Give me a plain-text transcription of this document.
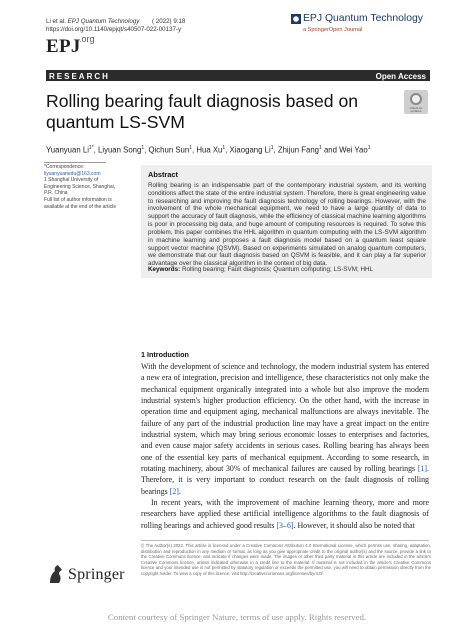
Li et al. EPJ Quantum Technology
https://doi.org/10.1140/epjqt/s40507-022-00137-y
( 2022) 9:18
EPJ
.org
EPJ Quantum Technology
a SpringerOpen Journal
RESEARCH	Open Access
Rolling bearing fault diagnosis based on quantum LS-SVM
Check for updates
Yuanyuan $Li^{1*}$, Liyuan Song$^1$, Qichun Sun$^1$, Hua Xu$^1$, Xiaogang Li$^1$, Zhijun Fang$^1$ and Wei Yao$^1$
*Correspondence:
liyuanyuanedu@163.com
1 Shanghai University of Engineering Science, Shanghai, P.R. China
Full list of author information is available at the end of the article
Abstract
Rolling bearing is an indispensable part of the contemporary industrial system, and its working conditions affect the state of the entire industrial system. Therefore, there is great engineering value to researching and improving the fault diagnosis technology of rolling bearings. However, with the involvement of the whole mechanical equipment, we need to have a large quantity of data to support the accuracy of fault diagnosis, while the efficiency of classical machine learning algorithms is poor in processing big data, and huge amount of computing resources is required. To solve this problem, this paper combines the HHL algorithm in quantum computing with the LS-SVM algorithm in machine learning and proposes a fault diagnosis model based on a quantum least square support vector machine (QSVM). Based on experiments simulated on analog quantum computers, we demonstrate that our fault diagnosis based on QSVM is feasible, and it can play a far superior advantage over the classical algorithm in the context of big data.
Keywords: Rolling bearing; Fault diagnosis; Quantum computing; LS-SVM; HHL
1 Introduction

With the development of science and technology, the modern industrial system has entered a new era of integration, precision and intelligence, these characteristics not only make the mechanical equipment organically integrated into a whole but also improve the modern industrial system's higher production efficiency. On the other hand, with the increase in operation time and equipment aging, mechanical malfunctions are always inevitable. The failure of any part of the industrial production line may have a great impact on the entire industrial system, which may bring serious economic losses to enterprises and factories, and even cause major safety accidents in serious cases. Rolling bearing has always been one of the essential key parts of mechanical equipment. According to some research, in rotating machinery, about 30% of mechanical failures are caused by rolling bearings [1]. Therefore, it is very important to conduct research on the fault diagnosis of rolling bearings [2].

In recent years, with the improvement of machine learning theory, more and more researchers have applied these artificial intelligence algorithms to the fault diagnosis of rolling bearings and achieved good results [3–6]. However, it should also be noted that

© The Author(s) 2022. This article is licensed under a Creative Commons Attribution 4.0 International License, which permits use, sharing, adaptation, distribution and reproduction in any medium or format, as long as you give appropriate credit to the original author(s) and the source, provide a link to the Creative Commons licence, and indicate if changes were made. The images or other third party material in this article are included in the article's Creative Commons licence, unless indicated otherwise in a credit line to the material. If material is not included in the article's Creative Commons licence and your intended use is not permitted by statutory regulation or exceeds the permitted use, you will need to obtain permission directly from the copyright holder. To view a copy of this licence, visit http://creativecommons.org/licenses/by/4.0/.
Springer
Content courtesy of Springer Nature, terms of use apply. Rights reserved.
